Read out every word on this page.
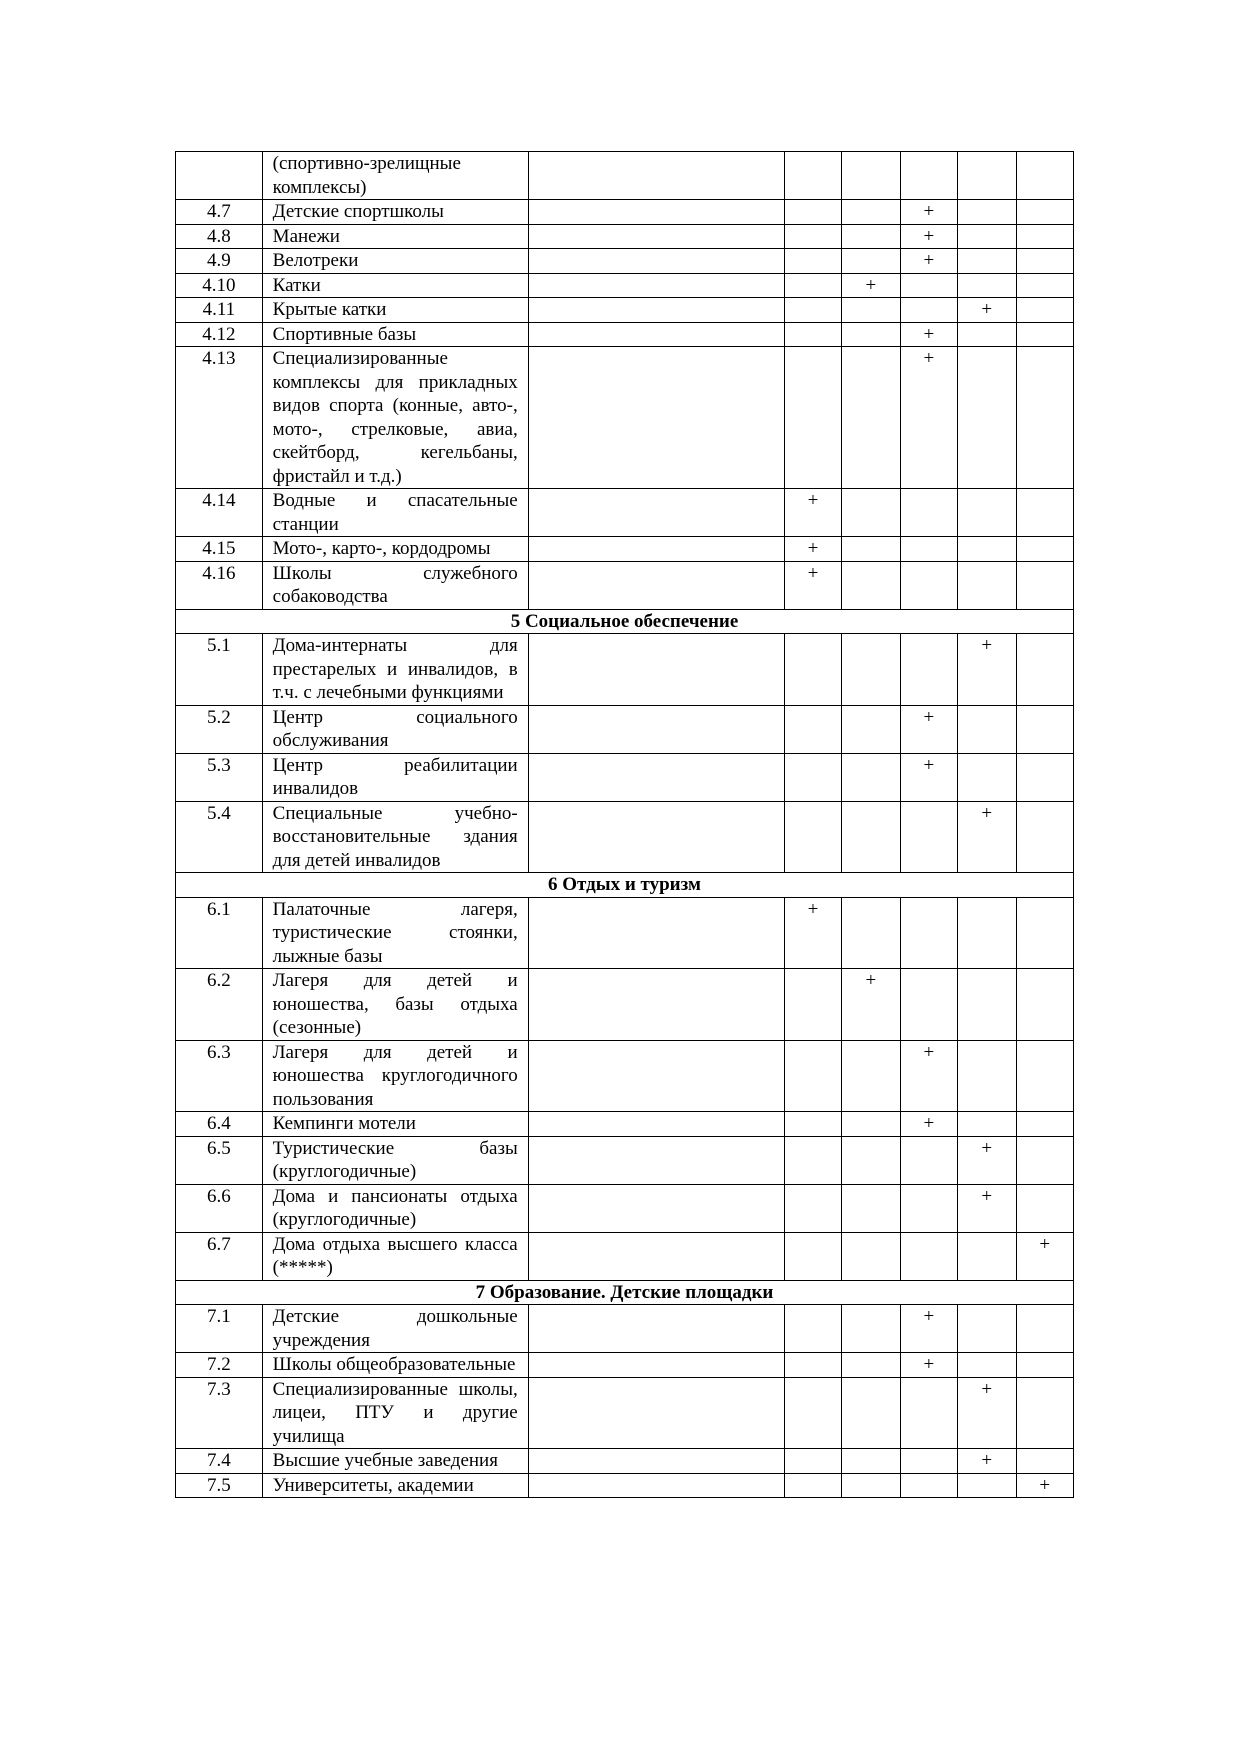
	(спортивно-зрелищные комплексы)						
4.7	Детские спортшколы				+		
4.8	Манежи				+		
4.9	Велотреки				+		
4.10	Катки			+			
4.11	Крытые катки					+	
4.12	Спортивные базы				+		
4.13	Специализированные комплексы для прикладных видов спорта (конные, авто-, мото-, стрелковые, авиа, скейтборд, кегельбаны, фристайл и т.д.)				+		
4.14	Водные и спасательные станции		+				
4.15	Мото-, карто-, кордодромы		+				
4.16	Школы служебного собаководства		+				
5 Социальное обеспечение							
5.1	Дома-интернаты для престарелых и инвалидов, в т.ч. с лечебными функциями					+	
5.2	Центр социального обслуживания				+		
5.3	Центр реабилитации инвалидов				+		
5.4	Специальные учебно-восстановительные здания для детей инвалидов					+	
6 Отдых и туризм							
6.1	Палаточные лагеря, туристические стоянки, лыжные базы		+				
6.2	Лагеря для детей и юношества, базы отдыха (сезонные)			+			
6.3	Лагеря для детей и юношества круглогодичного пользования				+		
6.4	Кемпинги мотели				+		
6.5	Туристические базы (круглогодичные)					+	
6.6	Дома и пансионаты отдыха (круглогодичные)					+	
6.7	Дома отдыха высшего класса (*****)						+
7 Образование. Детские площадки							
7.1	Детские дошкольные учреждения				+		
7.2	Школы общеобразовательные				+		
7.3	Специализированные школы, лицеи, ПТУ и другие училища					+	
7.4	Высшие учебные заведения					+	
7.5	Университеты, академии						+
